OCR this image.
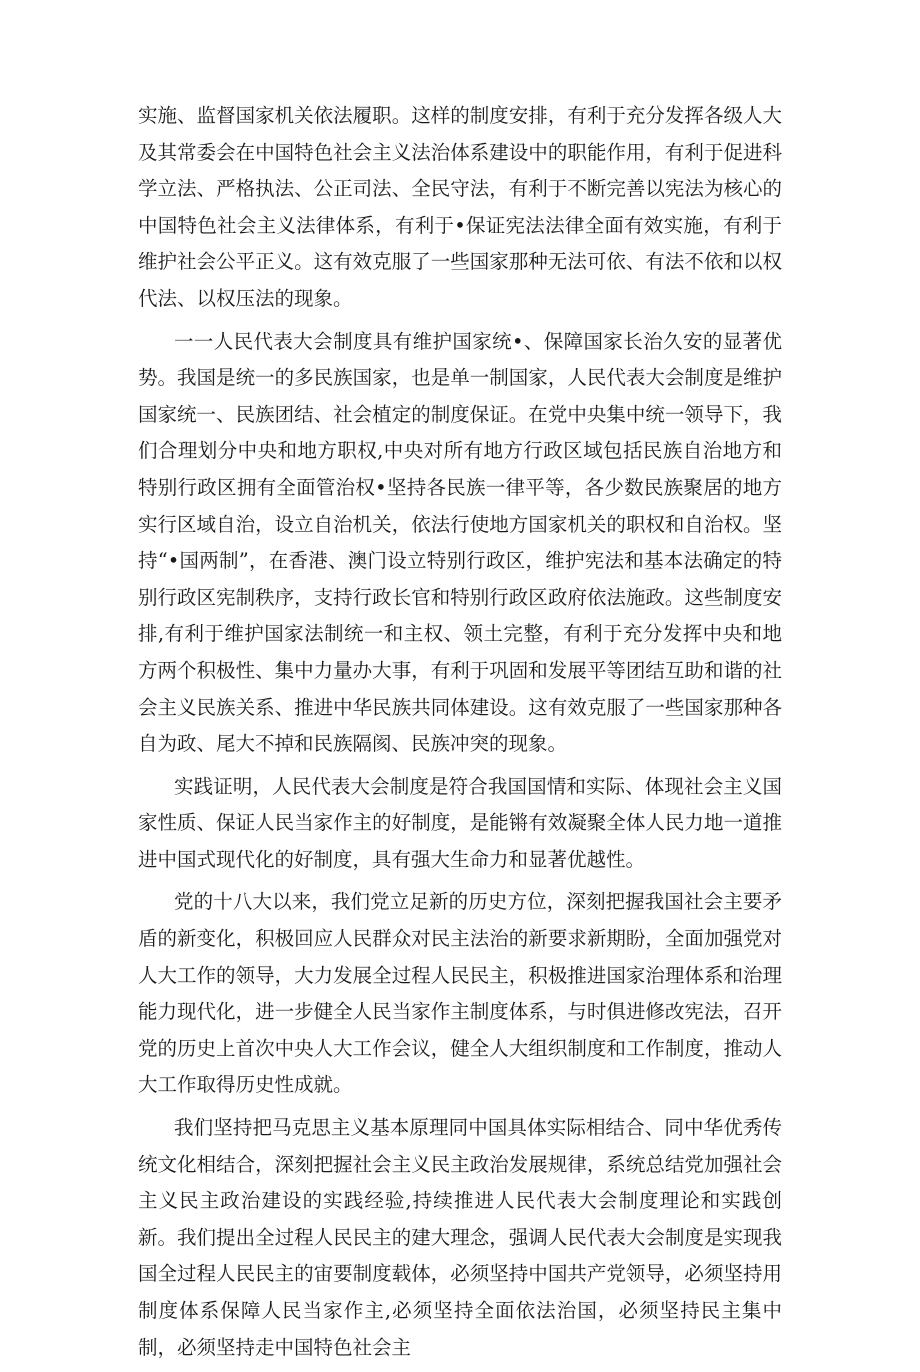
实施、监督国家机关依法履职。这样的制度安排，有利于充分发挥各级人大及其常委会在中国特色社会主义法治体系建设中的职能作用，有利于促进科学立法、严格执法、公正司法、全民守法，有利于不断完善以宪法为核心的中国特色社会主义法律体系，有利于•保证宪法法律全面有效实施，有利于维护社会公平正义。这有效克服了一些国家那种无法可依、有法不依和以权代法、以权压法的现象。

一一人民代表大会制度具有维护国家统•、保障国家长治久安的显著优势。我国是统一的多民族国家，也是单一制国家，人民代表大会制度是维护国家统一、民族团结、社会植定的制度保证。在党中央集中统一领导下，我们合理划分中央和地方职权,中央对所有地方行政区域包括民族自治地方和特别行政区拥有全面管治权•坚持各民族一律平等，各少数民族聚居的地方实行区域自治，设立自治机关，依法行使地方国家机关的职权和自治权。坚持“•国两制”，在香港、澳门设立特别行政区，维护宪法和基本法确定的特别行政区宪制秩序，支持行政长官和特别行政区政府依法施政。这些制度安排,有利于维护国家法制统一和主权、领土完整，有利于充分发挥中央和地方两个积极性、集中力量办大事，有利于巩固和发展平等团结互助和谐的社会主义民族关系、推进中华民族共同体建设。这有效克服了一些国家那种各自为政、尾大不掉和民族隔阂、民族冲突的现象。

实践证明，人民代表大会制度是符合我国国情和实际、体现社会主义国家性质、保证人民当家作主的好制度，是能锵有效凝聚全体人民力地一道推进中国式现代化的好制度，具有强大生命力和显著优越性。

党的十八大以来，我们党立足新的历史方位，深刻把握我国社会主要矛盾的新变化，积极回应人民群众对民主法治的新要求新期盼，全面加强党对人大工作的领导，大力发展全过程人民民主，积极推进国家治理体系和治理能力现代化，进一步健全人民当家作主制度体系，与时俱进修改宪法，召开党的历史上首次中央人大工作会议，健全人大组织制度和工作制度，推动人大工作取得历史性成就。

我们坚持把马克思主义基本原理同中国具体实际相结合、同中华优秀传统文化相结合，深刻把握社会主义民主政治发展规律，系统总结党加强社会主义民主政治建设的实践经验,持续推进人民代表大会制度理论和实践创新。我们提出全过程人民民主的建大理念，强调人民代表大会制度是实现我国全过程人民民主的宙要制度载体，必须坚持中国共产党领导，必须坚持用制度体系保障人民当家作主,必须坚持全面依法治国，必须坚持民主集中制，必须坚持走中国特色社会主
